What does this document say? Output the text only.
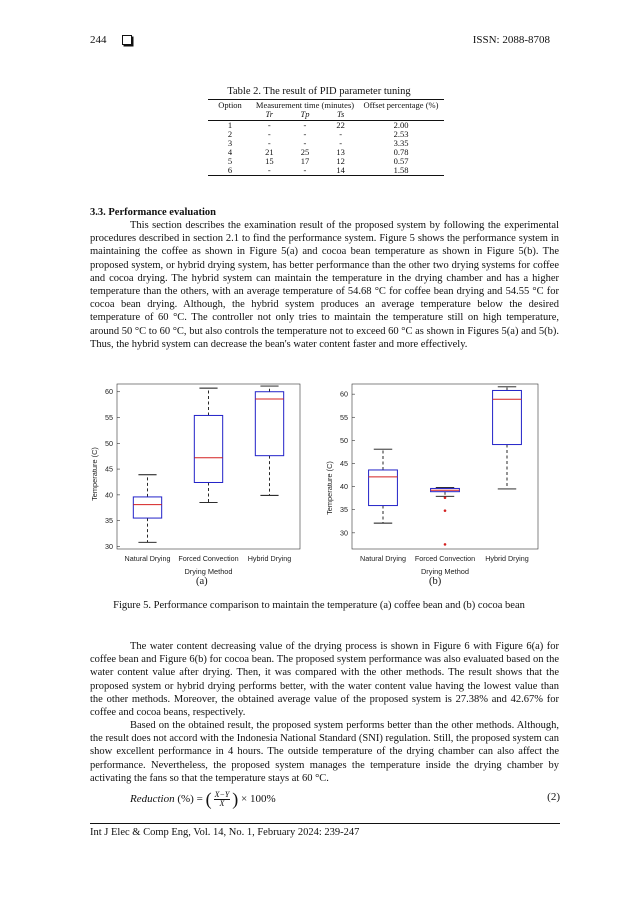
244	ISSN: 2088-8708
Table 2. The result of PID parameter tuning
Option	Measurement time (minutes)			Offset percentage (%)
	Tr	Tp	Ts	
1	-	-	22	2.00
2	-	-	-	2.53
3	-	-	-	3.35
4	21	25	13	0.78
5	15	17	12	0.57
6	-	-	14	1.58
3.3. Performance evaluation
This section describes the examination result of the proposed system by following the experimental procedures described in section 2.1 to find the performance system. Figure 5 shows the performance system in maintaining the coffee as shown in Figure 5(a) and cocoa bean temperature as shown in Figure 5(b). The proposed system, or hybrid drying system, has better performance than the other two drying systems for coffee and cocoa drying. The hybrid system can maintain the temperature in the drying chamber and has a higher temperature than the others, with an average temperature of 54.68 °C for coffee bean drying and 54.55 °C for cocoa bean drying. Although, the hybrid system produces an average temperature below the desired temperature of 60 °C. The controller not only tries to maintain the temperature still on high temperature, around 50 °C to 60 °C, but also controls the temperature not to exceed 60 °C as shown in Figures 5(a) and 5(b). Thus, the hybrid system can decrease the bean's water content faster and more effectively.
30
35
40
45
50
55
60
Natural Drying Forced Convection Hybrid Drying
Drying Method
Temperature (C)
30
35
40
45
50
55
60
Natural Drying Forced Convection Hybrid Drying
Drying Method
Temperature (C)
(a)	(b)
Figure 5. Performance comparison to maintain the temperature (a) coffee bean and (b) cocoa bean
The water content decreasing value of the drying process is shown in Figure 6 with Figure 6(a) for coffee bean and Figure 6(b) for cocoa bean. The proposed system performance was also evaluated based on the water content value after drying. Then, it was compared with the other methods. The result shows that the proposed system or hybrid drying performs better, with the water content value having the lowest value than the other methods. Moreover, the obtained average value of the proposed system is 27.38% and 42.67% for coffee and cocoa beans, respectively.
Based on the obtained result, the proposed system performs better than the other methods. Although, the result does not accord with the Indonesia National Standard (SNI) regulation. Still, the proposed system can show excellent performance in 4 hours. The outside temperature of the drying chamber can also affect the performance. Nevertheless, the proposed system manages the temperature inside the drying chamber by activating the fans so that the temperature stays at 60 °C.
Reduction (%) = ( $\frac{X-Y}{X}$ ) × 100%	(2)
Int J Elec & Comp Eng, Vol. 14, No. 1, February 2024: 239-247
